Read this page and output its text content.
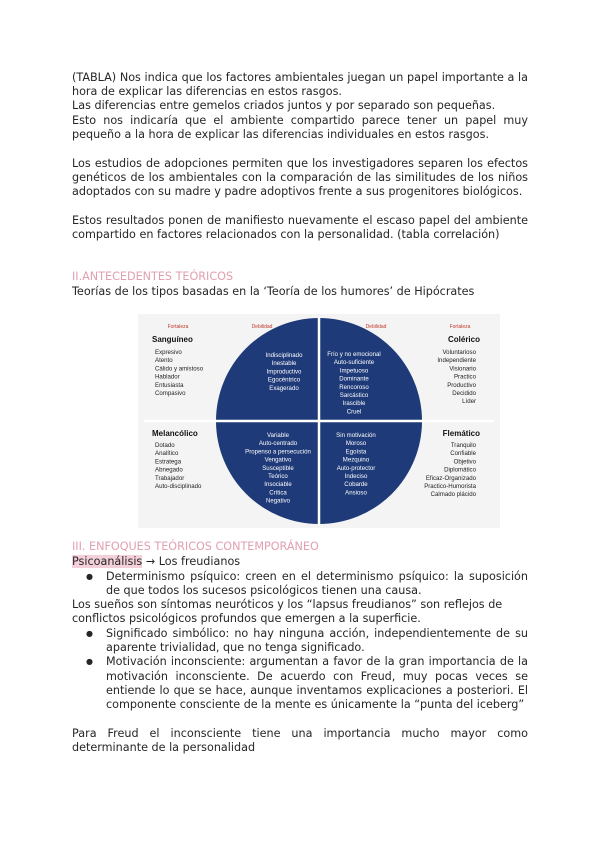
(TABLA) Nos indica que los factores ambientales juegan un papel importante a la hora de explicar las diferencias en estos rasgos.

Las diferencias entre gemelos criados juntos y por separado son pequeñas.

Esto nos indicaría que el ambiente compartido parece tener un papel muy pequeño a la hora de explicar las diferencias individuales en estos rasgos.

Los estudios de adopciones permiten que los investigadores separen los efectos genéticos de los ambientales con la comparación de las similitudes de los niños adoptados con su madre y padre adoptivos frente a sus progenitores biológicos.

Estos resultados ponen de manifiesto nuevamente el escaso papel del ambiente compartido en factores relacionados con la personalidad. (tabla correlación)

II.ANTECEDENTES TEÓRICOS

Teorías de los tipos basadas en la ‘Teoría de los humores’ de Hipócrates

Fortaleza	Debilidad	Debilidad	Fortaleza
Sanguíneo	Colérico
Melancólico	Flemático
Expresivo
Atento
Cálido y amistoso
Hablador
Entusiasta
Compasivo
Indisciplinado
Inestable
Improductivo
Egocéntrico
Exagerado
Frío y no emocional
Auto-suficiente
Impetuoso
Dominante
Rencoroso
Sarcástico
Irascible
Cruel
Voluntarioso
Independiente
Visionario
Practico
Productivo
Decidido
Líder
Dotado
Analítico
Estratega
Abnegado
Trabajador
Auto-disciplinado
Variable
Auto-centrado
Propenso a persecución
Vengativo
Susceptible
Teórico
Insociable
Crítica
Negativo
Sin motivación
Moroso
Egoísta
Mezquino
Auto-protector
Indeciso
Cobarde
Ansioso
Tranquilo
Confiable
Objetivo
Diplomático
Eficaz-Organizado
Practico-Humorista
Calmado plácido

III. ENFOQUES TEÓRICOS CONTEMPORÁNEO

Psicoanálisis → Los freudianos

● Determinismo psíquico: creen en el determinismo psíquico: la suposición de que todos los sucesos psicológicos tienen una causa.

Los sueños son síntomas neuróticos y los “lapsus freudianos” son reflejos de conflictos psicológicos profundos que emergen a la superficie.

● Significado simbólico: no hay ninguna acción, independientemente de su aparente trivialidad, que no tenga significado.
● Motivación inconsciente: argumentan a favor de la gran importancia de la motivación inconsciente. De acuerdo con Freud, muy pocas veces se entiende lo que se hace, aunque inventamos explicaciones a posteriori. El componente consciente de la mente es únicamente la “punta del iceberg”

Para Freud el inconsciente tiene una importancia mucho mayor como determinante de la personalidad
